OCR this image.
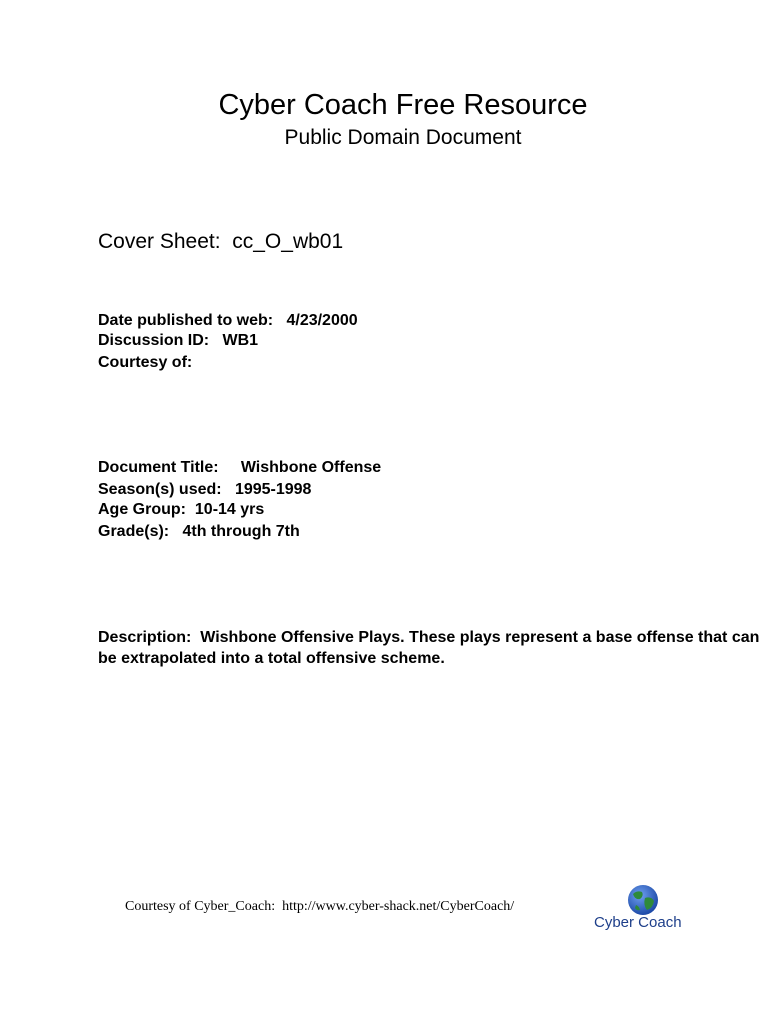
Cyber Coach Free Resource
Public Domain Document
Cover Sheet: cc_O_wb01
Date published to web: 4/23/2000
Discussion ID: WB1
Courtesy of:
Document Title: Wishbone Offense
Season(s) used: 1995-1998
Age Group: 10-14 yrs
Grade(s): 4th through 7th
Description: Wishbone Offensive Plays. These plays represent a base offense that can be extrapolated into a total offensive scheme.
Courtesy of Cyber_Coach: http://www.cyber-shack.net/CyberCoach/
Cyber Coach
